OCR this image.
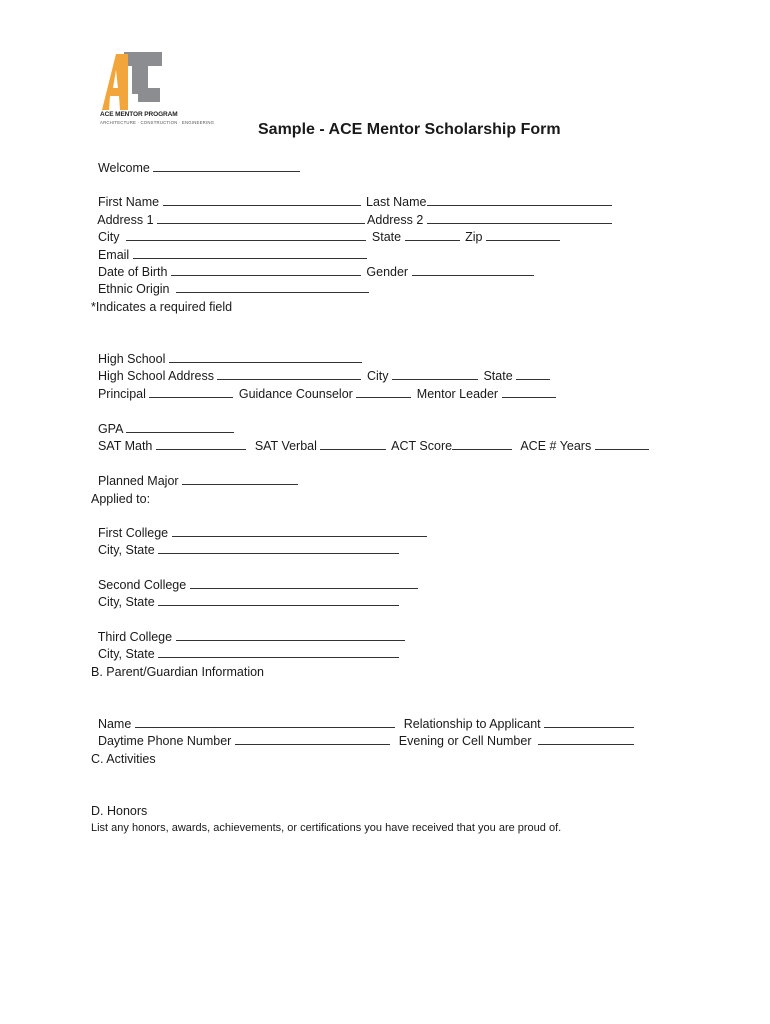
ACE MENTOR PROGRAM
ARCHITECTURE · CONSTRUCTION · ENGINEERING	Sample - ACE Mentor Scholarship Form

Welcome

First Name	Last Name

Address 1	Address 2

City	State	Zip

Email

Date of Birth	Gender

Ethnic Origin

*Indicates a required field

High School

High School Address	City	State

Principal	Guidance Counselor	Mentor Leader

GPA

SAT Math	SAT Verbal	ACT Score	ACE # Years

Planned Major

Applied to:

First College

City, State

Second College

City, State

Third College

City, State

B. Parent/Guardian Information

Name	Relationship to Applicant

Daytime Phone Number	Evening or Cell Number

C. Activities
D. Honors
List any honors, awards, achievements, or certifications you have received that you are proud of.
